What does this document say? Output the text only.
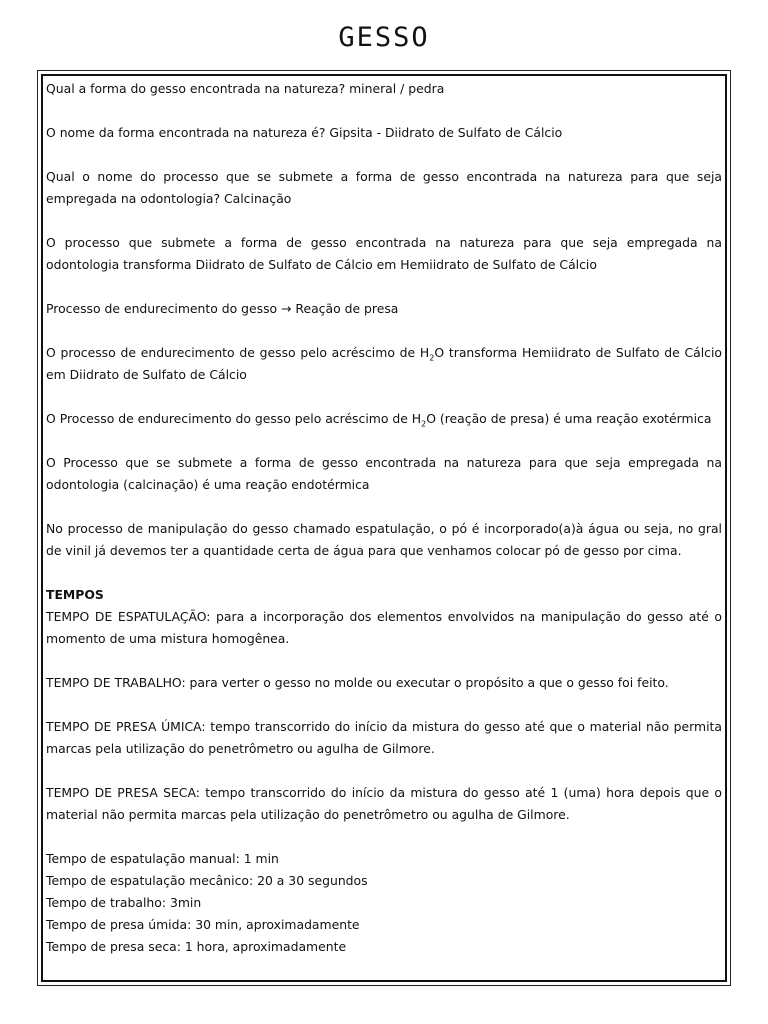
GESSO

Qual a forma do gesso encontrada na natureza? mineral / pedra

O nome da forma encontrada na natureza é? Gipsita - Diidrato de Sulfato de Cálcio

Qual o nome do processo que se submete a forma de gesso encontrada na natureza para que seja empregada na odontologia? Calcinação

O processo que submete a forma de gesso encontrada na natureza para que seja empregada na odontologia transforma Diidrato de Sulfato de Cálcio em Hemiidrato de Sulfato de Cálcio

Processo de endurecimento do gesso → Reação de presa

O processo de endurecimento de gesso pelo acréscimo de $H_2O$ transforma Hemiidrato de Sulfato de Cálcio em Diidrato de Sulfato de Cálcio

O Processo de endurecimento do gesso pelo acréscimo de $H_2O$ (reação de presa) é uma reação exotérmica

O Processo que se submete a forma de gesso encontrada na natureza para que seja empregada na odontologia (calcinação) é uma reação endotérmica

No processo de manipulação do gesso chamado espatulação, o pó é incorporado(a)à água ou seja, no gral de vinil já devemos ter a quantidade certa de água para que venhamos colocar pó de gesso por cima.

TEMPOS

TEMPO DE ESPATULAÇÃO: para a incorporação dos elementos envolvidos na manipulação do gesso até o momento de uma mistura homogênea.

TEMPO DE TRABALHO: para verter o gesso no molde ou executar o propósito a que o gesso foi feito.

TEMPO DE PRESA ÚMICA: tempo transcorrido do início da mistura do gesso até que o material não permita marcas pela utilização do penetrômetro ou agulha de Gilmore.

TEMPO DE PRESA SECA: tempo transcorrido do início da mistura do gesso até 1 (uma) hora depois que o material não permita marcas pela utilização do penetrômetro ou agulha de Gilmore.

Tempo de espatulação manual: 1 min
Tempo de espatulação mecânico: 20 a 30 segundos
Tempo de trabalho: 3min
Tempo de presa úmida: 30 min, aproximadamente
Tempo de presa seca: 1 hora, aproximadamente
